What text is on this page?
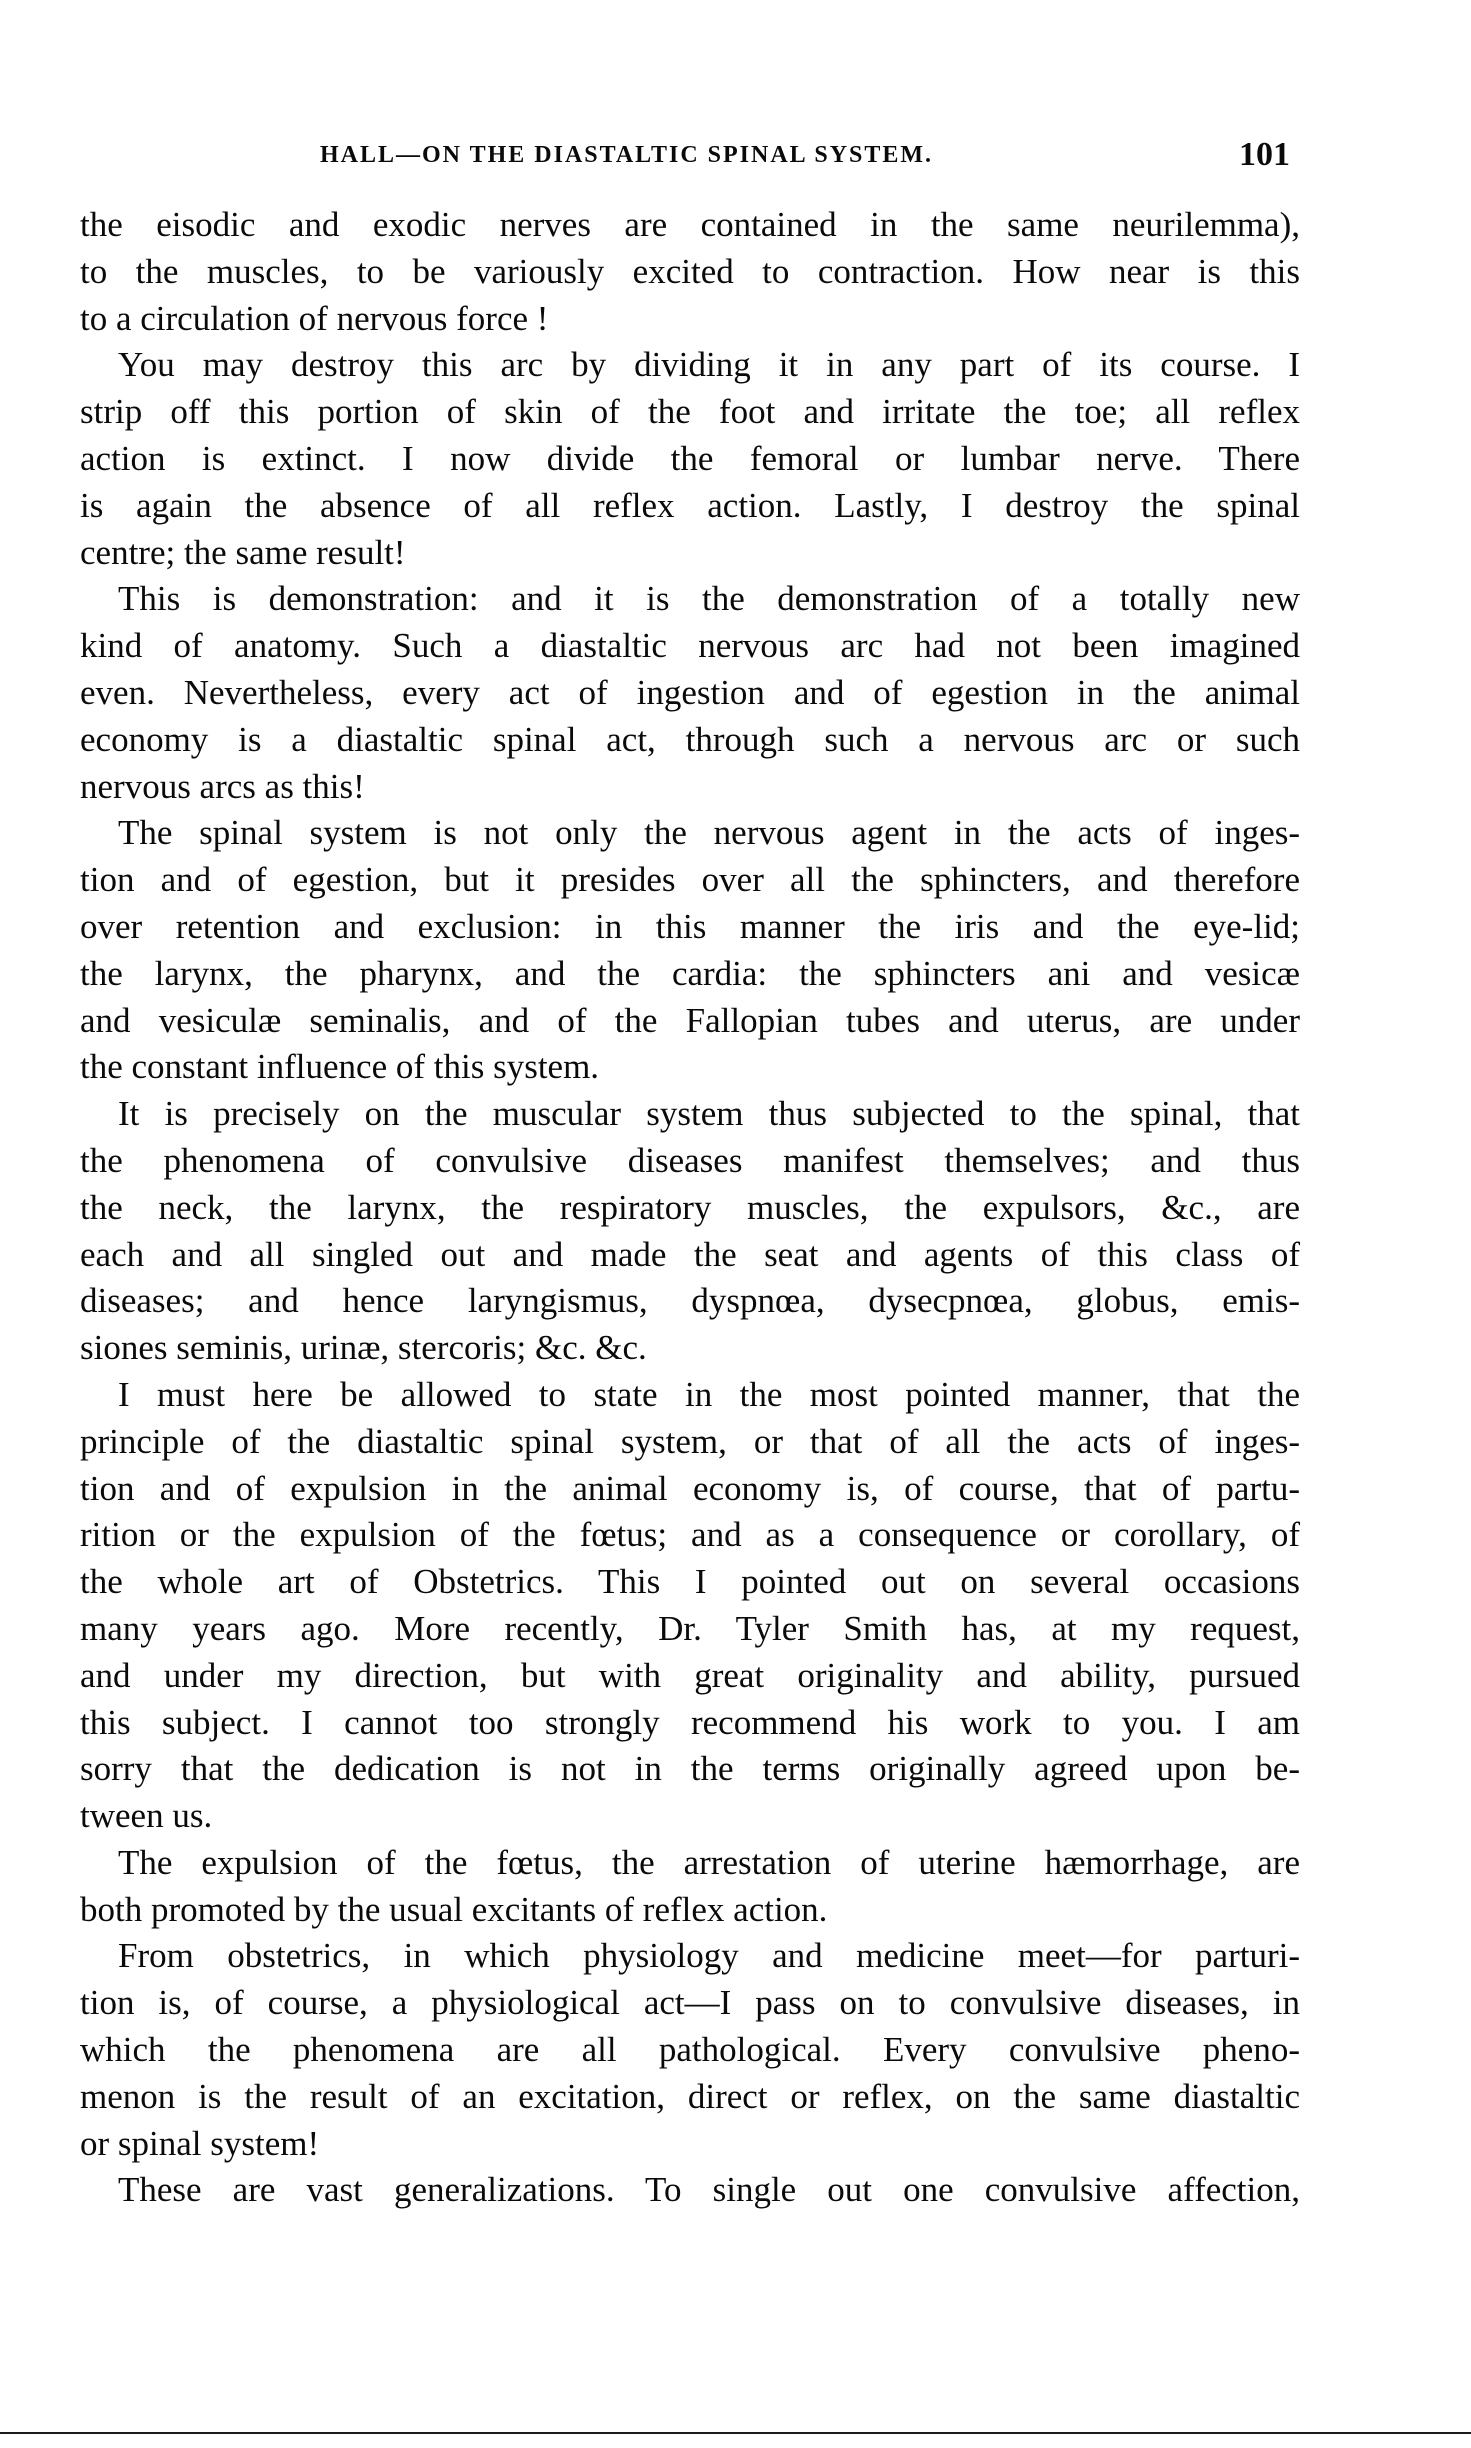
HALL—ON THE DIASTALTIC SPINAL SYSTEM.	101
the eisodic and exodic nerves are contained in the same neurilemma),
to the muscles, to be variously excited to contraction. How near is this
to a circulation of nervous force !
You may destroy this arc by dividing it in any part of its course. I
strip off this portion of skin of the foot and irritate the toe; all reflex
action is extinct. I now divide the femoral or lumbar nerve. There
is again the absence of all reflex action. Lastly, I destroy the spinal
centre; the same result!
This is demonstration: and it is the demonstration of a totally new
kind of anatomy. Such a diastaltic nervous arc had not been imagined
even. Nevertheless, every act of ingestion and of egestion in the animal
economy is a diastaltic spinal act, through such a nervous arc or such
nervous arcs as this!
The spinal system is not only the nervous agent in the acts of inges-
tion and of egestion, but it presides over all the sphincters, and therefore
over retention and exclusion: in this manner the iris and the eye-lid;
the larynx, the pharynx, and the cardia: the sphincters ani and vesicæ
and vesiculæ seminalis, and of the Fallopian tubes and uterus, are under
the constant influence of this system.
It is precisely on the muscular system thus subjected to the spinal, that
the phenomena of convulsive diseases manifest themselves; and thus
the neck, the larynx, the respiratory muscles, the expulsors, &c., are
each and all singled out and made the seat and agents of this class of
diseases; and hence laryngismus, dyspnœa, dysecpnœa, globus, emis-
siones seminis, urinæ, stercoris; &c. &c.
I must here be allowed to state in the most pointed manner, that the
principle of the diastaltic spinal system, or that of all the acts of inges-
tion and of expulsion in the animal economy is, of course, that of partu-
rition or the expulsion of the fœtus; and as a consequence or corollary, of
the whole art of Obstetrics. This I pointed out on several occasions
many years ago. More recently, Dr. Tyler Smith has, at my request,
and under my direction, but with great originality and ability, pursued
this subject. I cannot too strongly recommend his work to you. I am
sorry that the dedication is not in the terms originally agreed upon be-
tween us.
The expulsion of the fœtus, the arrestation of uterine hæmorrhage, are
both promoted by the usual excitants of reflex action.
From obstetrics, in which physiology and medicine meet—for parturi-
tion is, of course, a physiological act—I pass on to convulsive diseases, in
which the phenomena are all pathological. Every convulsive pheno-
menon is the result of an excitation, direct or reflex, on the same diastaltic
or spinal system!
These are vast generalizations. To single out one convulsive affection,
